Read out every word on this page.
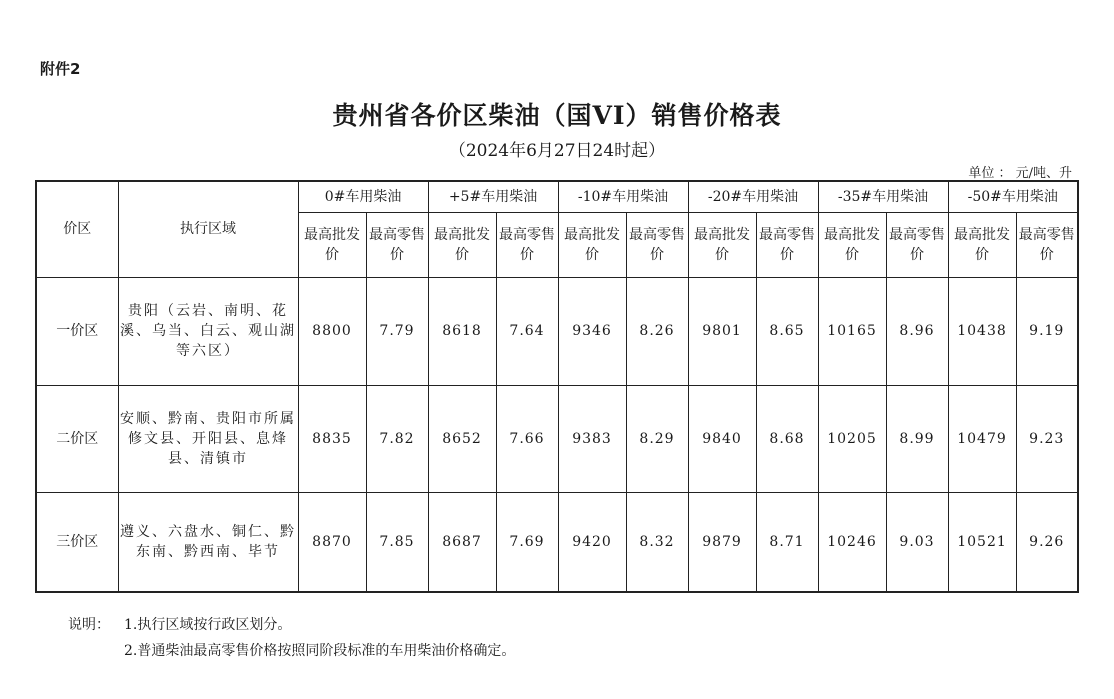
附件2
贵州省各价区柴油（国VI）销售价格表
（2024年6月27日24时起）
单位 ： 元/吨、升
价区	执行区域	0#车用柴油		+5#车用柴油		-10#车用柴油		-20#车用柴油		-35#车用柴油		-50#车用柴油	
		最高批发价	最高零售价	最高批发价	最高零售价	最高批发价	最高零售价	最高批发价	最高零售价	最高批发价	最高零售价	最高批发价	最高零售价
一价区	贵阳（云岩、南明、花溪、乌当、白云、观山湖等六区）	8800	7.79	8618	7.64	9346	8.26	9801	8.65	10165	8.96	10438	9.19
二价区	安顺、黔南、贵阳市所属修文县、开阳县、息烽县、清镇市	8835	7.82	8652	7.66	9383	8.29	9840	8.68	10205	8.99	10479	9.23
三价区	遵义、六盘水、铜仁、黔东南、黔西南、毕节	8870	7.85	8687	7.69	9420	8.32	9879	8.71	10246	9.03	10521	9.26
说明： 1.执行区域按行政区划分。
2.普通柴油最高零售价格按照同阶段标准的车用柴油价格确定。
